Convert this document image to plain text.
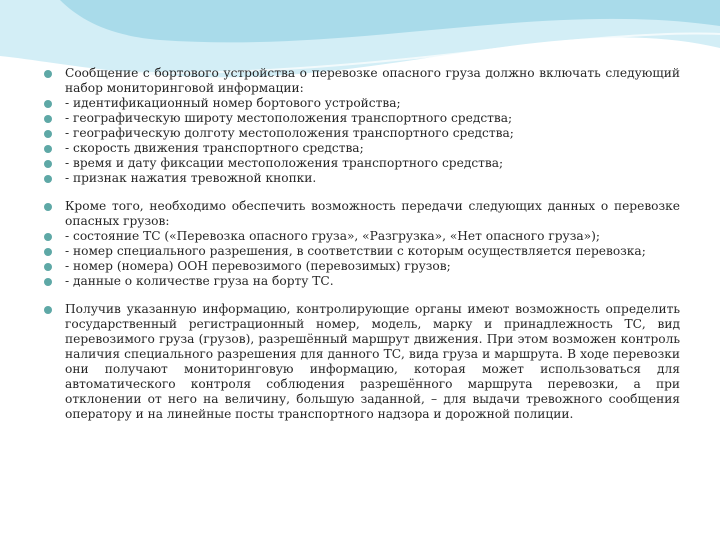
Сообщение с бортового устройства о перевозке опасного груза должно включать следующий набор мониторинговой информации:
- идентификационный номер бортового устройства;
- географическую широту местоположения транспортного средства;
- географическую долготу местоположения транспортного средства;
- скорость движения транспортного средства;
- время и дату фиксации местоположения транспортного средства;
- признак нажатия тревожной кнопки.
Кроме того, необходимо обеспечить возможность передачи следующих данных о перевозке опасных грузов:
- состояние ТС («Перевозка опасного груза», «Разгрузка», «Нет опасного груза»);
- номер специального разрешения, в соответствии с которым осуществляется перевозка;
- номер (номера) ООН перевозимого (перевозимых) грузов;
- данные о количестве груза на борту ТС.
Получив указанную информацию, контролирующие органы имеют возможность определить государственный регистрационный номер, модель, марку и принадлежность ТС, вид перевозимого груза (грузов), разрешённый маршрут движения. При этом возможен контроль наличия специального разрешения для данного ТС, вида груза и маршрута. В ходе перевозки они получают мониторинговую информацию, которая может использоваться для автоматического контроля соблюдения разрешённого маршрута перевозки, а при отклонении от него на величину, большую заданной, – для выдачи тревожного сообщения оператору и на линейные посты транспортного надзора и дорожной полиции.
